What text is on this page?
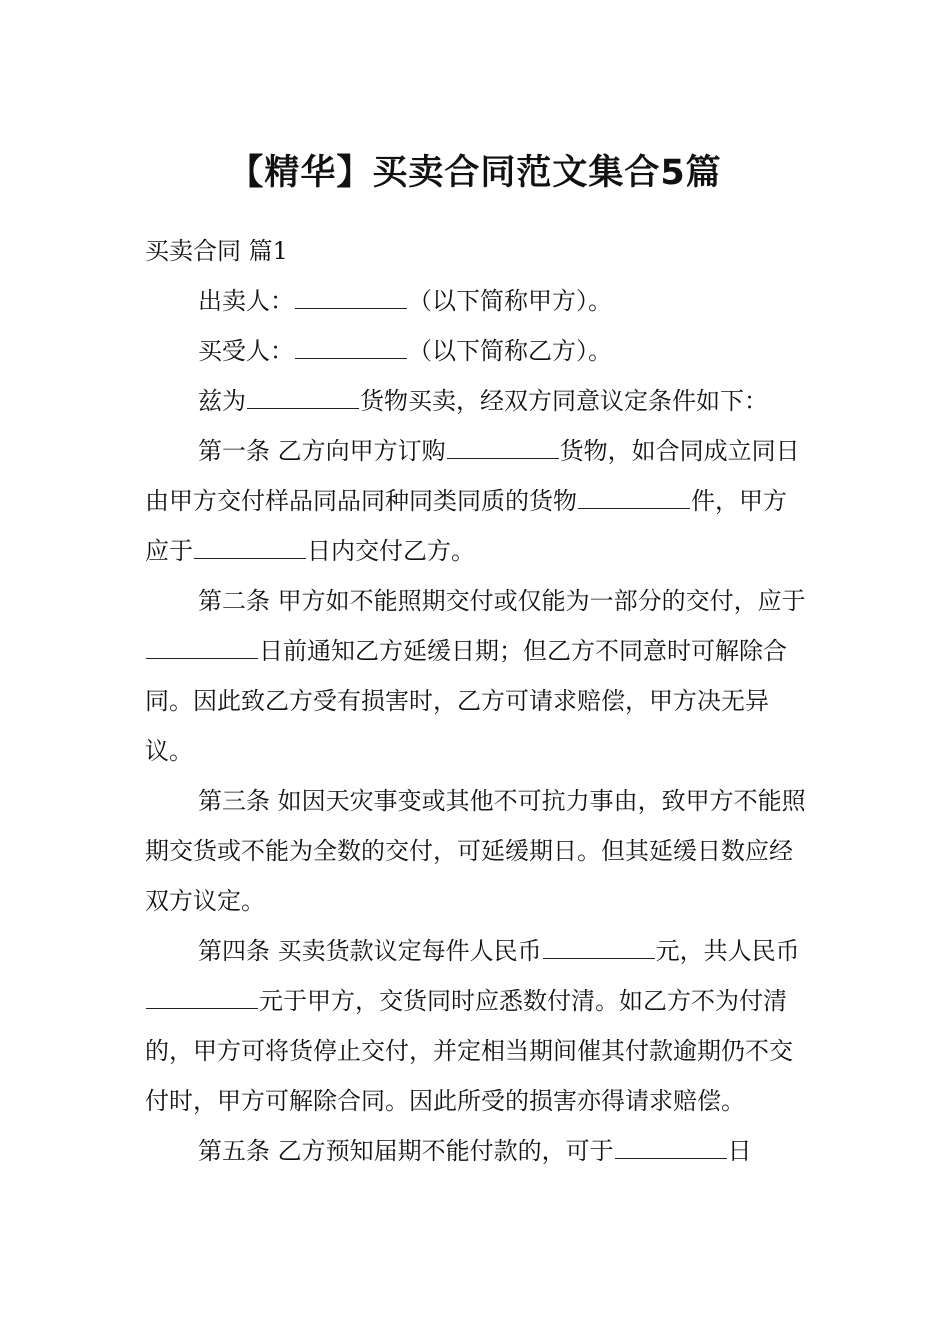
【精华】买卖合同范文集合5篇

买卖合同 篇1

出卖人：	（以下简称甲方）。

买受人：	（以下简称乙方）。

兹为	货物买卖，经双方同意议定条件如下：

第一条 乙方向甲方订购	货物，如合同成立同日由甲方交付样品同品同种同类同质的货物	件，甲方应于	日内交付乙方。

第二条 甲方如不能照期交付或仅能为一部分的交付，应于日前通知乙方延缓日期；但乙方不同意时可解除合同。因此致乙方受有损害时，乙方可请求赔偿，甲方决无异议。

第三条 如因天灾事变或其他不可抗力事由，致甲方不能照期交货或不能为全数的交付，可延缓期日。但其延缓日数应经双方议定。

第四条 买卖货款议定每件人民币	元，共人民币元于甲方，交货同时应悉数付清。如乙方不为付清的，甲方可将货停止交付，并定相当期间催其付款逾期仍不交付时，甲方可解除合同。因此所受的损害亦得请求赔偿。

第五条 乙方预知届期不能付款的，可于	日
